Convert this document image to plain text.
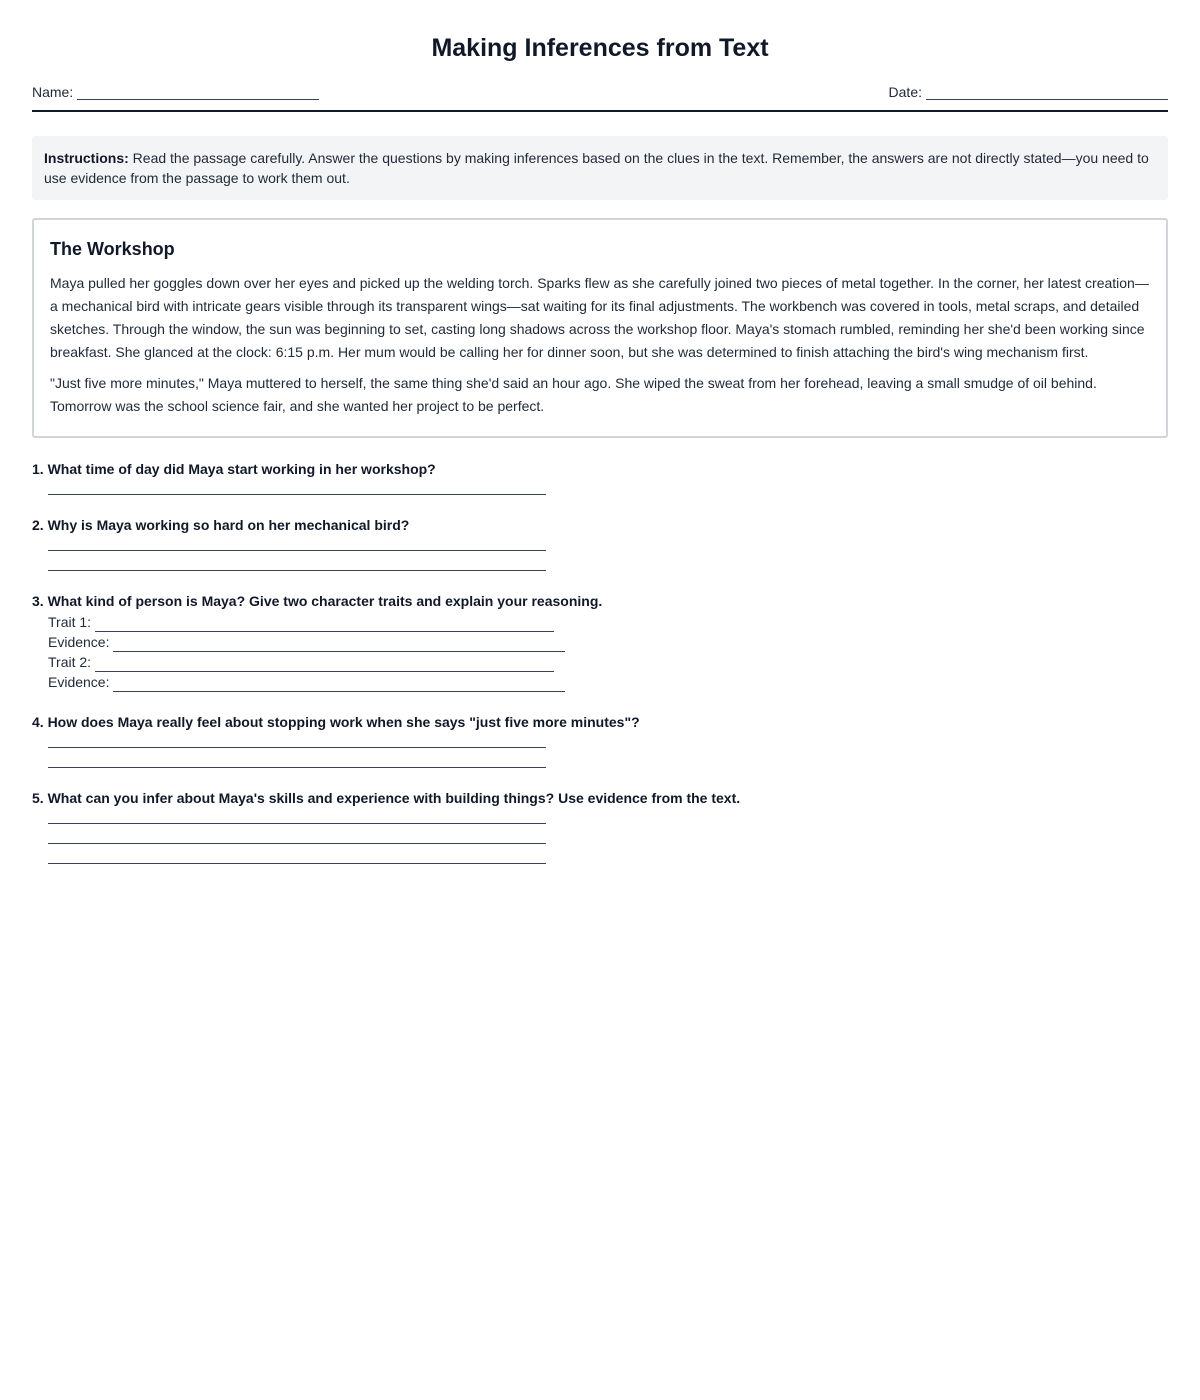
Making Inferences from Text
Name:	Date:
Instructions: Read the passage carefully. Answer the questions by making inferences based on the clues in the text. Remember, the answers are not directly stated—you need to use evidence from the passage to work them out.
The Workshop

Maya pulled her goggles down over her eyes and picked up the welding torch. Sparks flew as she carefully joined two pieces of metal together. In the corner, her latest creation—a mechanical bird with intricate gears visible through its transparent wings—sat waiting for its final adjustments. The workbench was covered in tools, metal scraps, and detailed sketches. Through the window, the sun was beginning to set, casting long shadows across the workshop floor. Maya's stomach rumbled, reminding her she'd been working since breakfast. She glanced at the clock: 6:15 p.m. Her mum would be calling her for dinner soon, but she was determined to finish attaching the bird's wing mechanism first.

"Just five more minutes," Maya muttered to herself, the same thing she'd said an hour ago. She wiped the sweat from her forehead, leaving a small smudge of oil behind. Tomorrow was the school science fair, and she wanted her project to be perfect.

1. What time of day did Maya start working in her workshop?
2. Why is Maya working so hard on her mechanical bird?
3. What kind of person is Maya? Give two character traits and explain your reasoning.
Trait 1:
Evidence:
Trait 2:
Evidence:
4. How does Maya really feel about stopping work when she says "just five more minutes"?
5. What can you infer about Maya's skills and experience with building things? Use evidence from the text.
